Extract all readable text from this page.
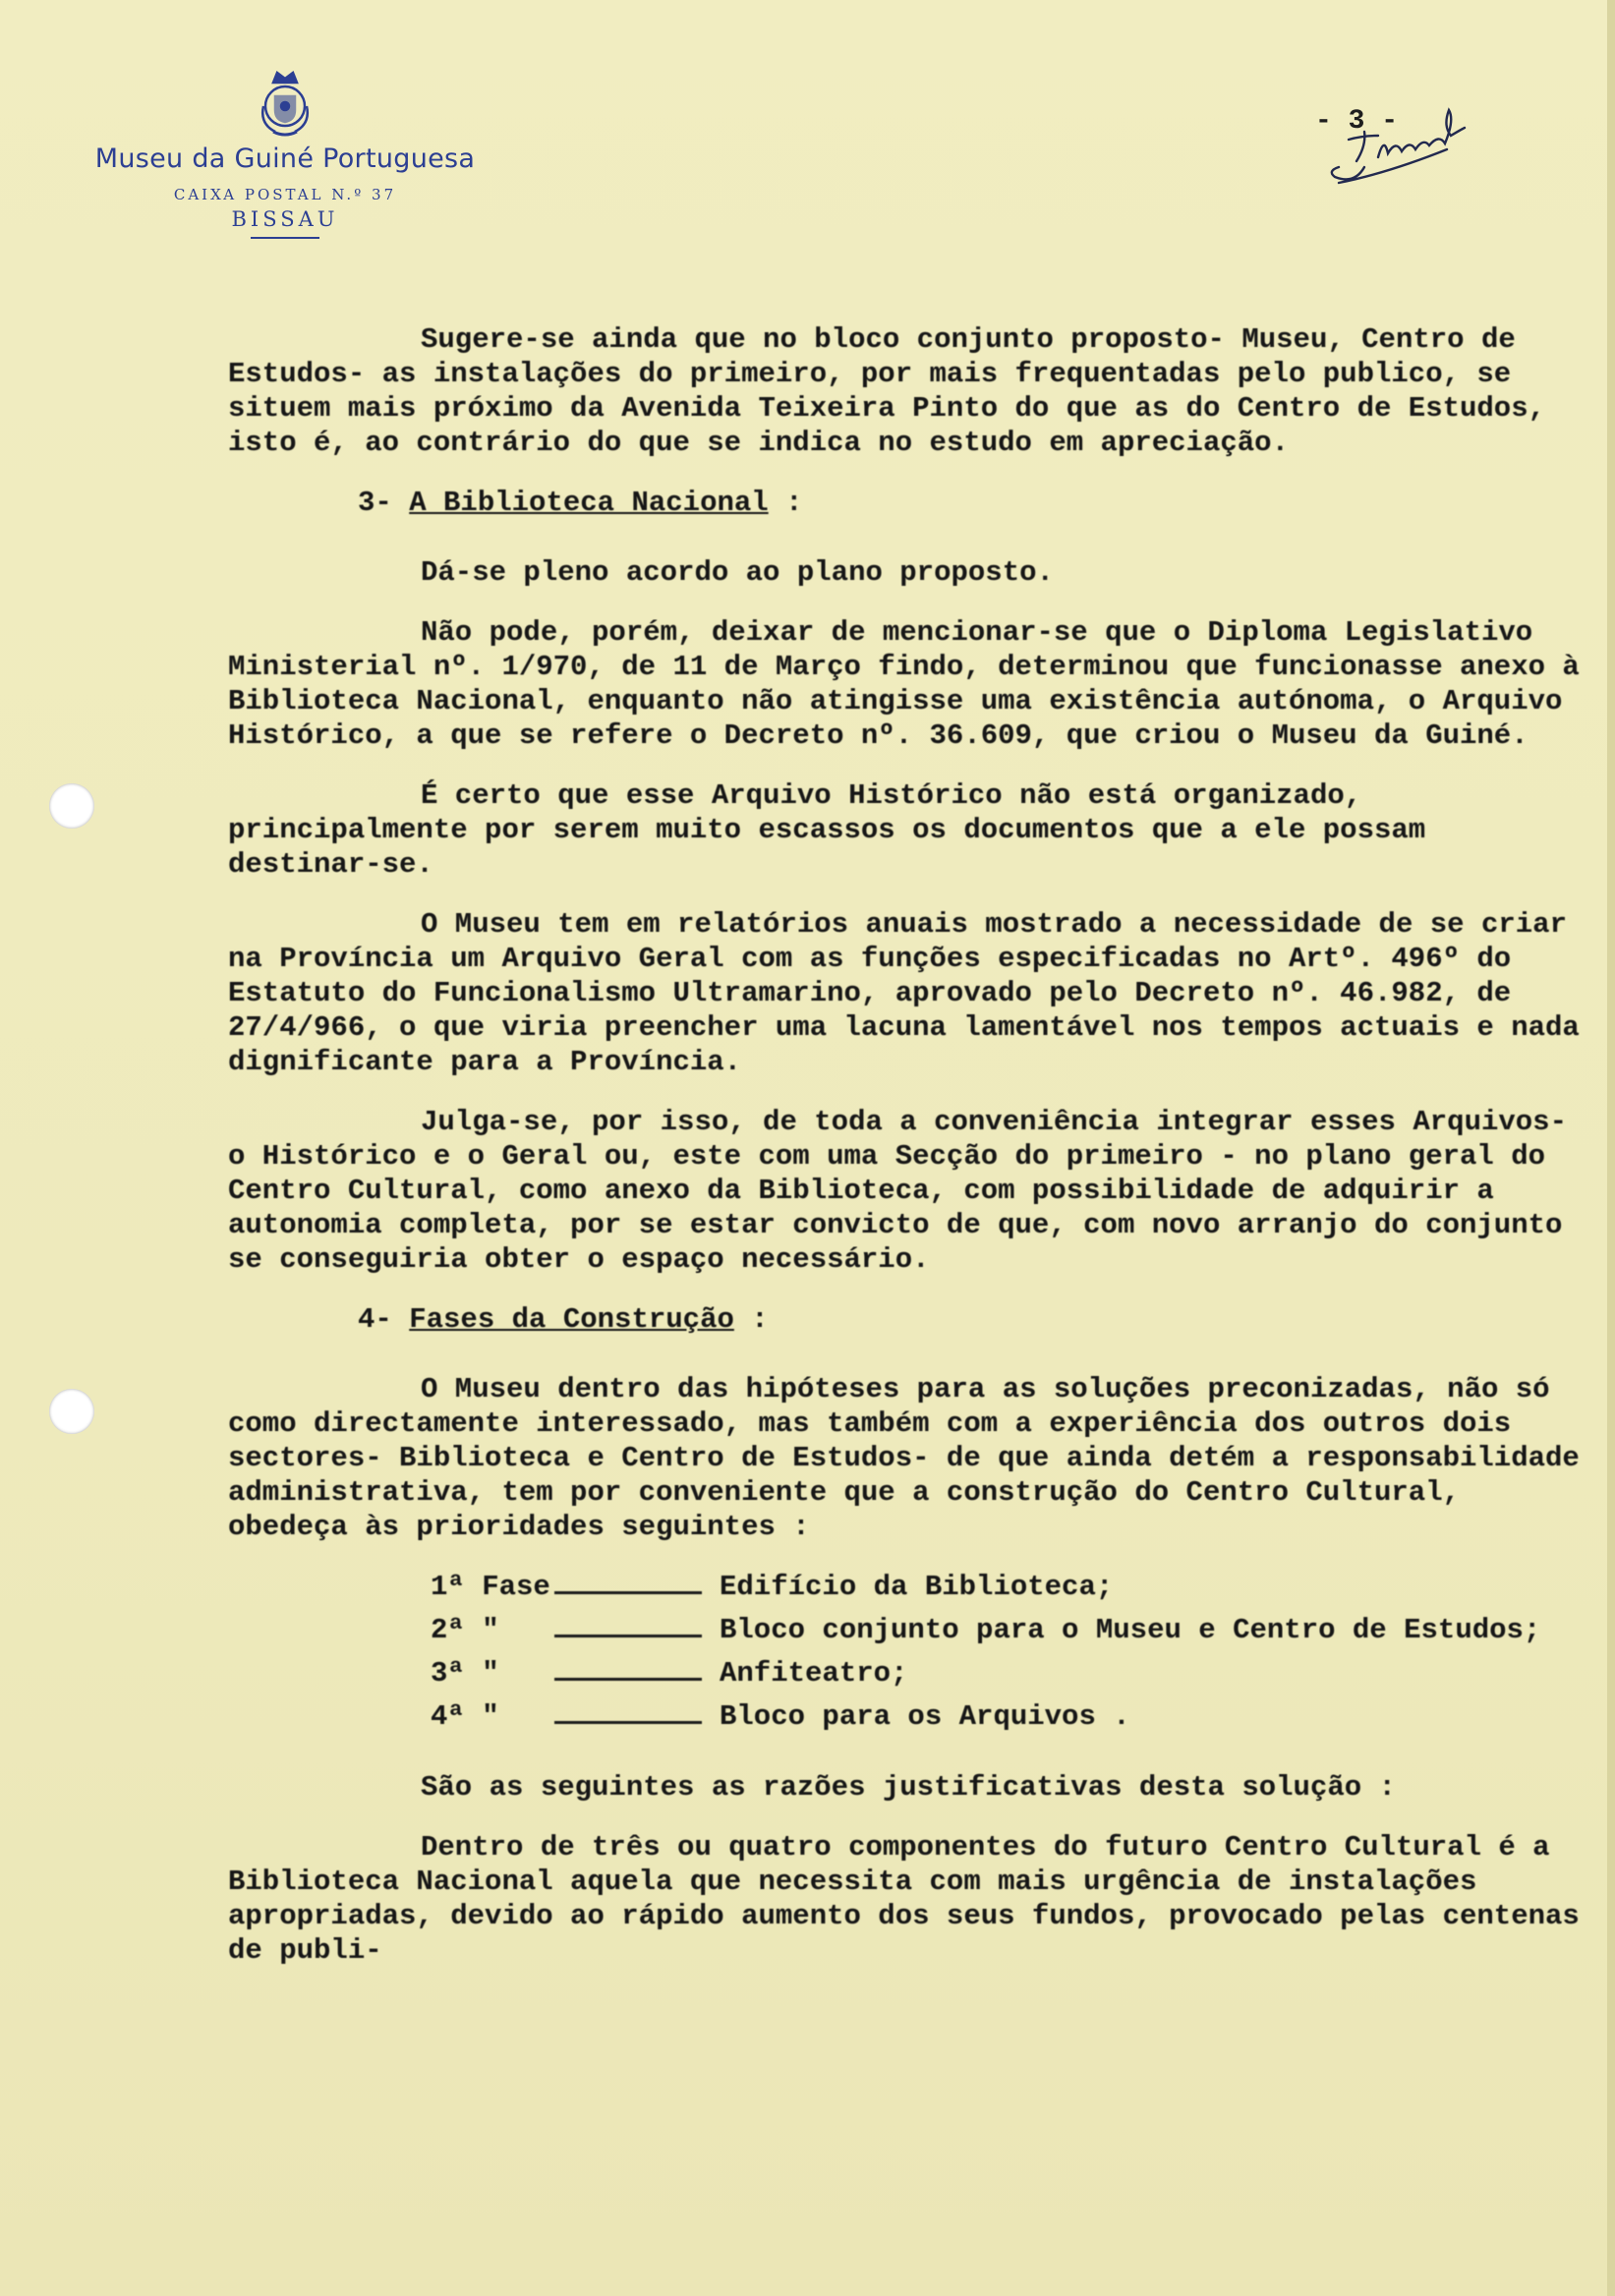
Museu da Guiné Portuguesa
CAIXA POSTAL N.º 37
BISSAU
- 3 -

Sugere-se ainda que no bloco conjunto proposto- Museu, Centro de Estudos- as instalações do primeiro, por mais frequentadas pelo publico, se situem mais próximo da Avenida Teixeira Pinto do que as do Centro de Estudos, isto é, ao contrário do que se indica no estudo em apreciação.

3- A Biblioteca Nacional :

Dá-se pleno acordo ao plano proposto.

Não pode, porém, deixar de mencionar-se que o Diploma Legislativo Ministerial nº. 1/970, de 11 de Março findo, determinou que funcionasse anexo à Biblioteca Nacional, enquanto não atingisse uma existência autónoma, o Arquivo Histórico, a que se refere o Decreto nº. 36.609, que criou o Museu da Guiné.

É certo que esse Arquivo Histórico não está organizado, principalmente por serem muito escassos os documentos que a ele possam destinar-se.

O Museu tem em relatórios anuais mostrado a necessidade de se criar na Província um Arquivo Geral com as funções especificadas no Artº. 496º do Estatuto do Funcionalismo Ultramarino, aprovado pelo Decreto nº. 46.982, de 27/4/966, o que viria preencher uma lacuna lamentável nos tempos actuais e nada dignificante para a Província.

Julga-se, por isso, de toda a conveniência integrar esses Arquivos- o Histórico e o Geral ou, este com uma Secção do primeiro - no plano geral do Centro Cultural, como anexo da Biblioteca, com possibilidade de adquirir a autonomia completa, por se estar convicto de que, com novo arranjo do conjunto se conseguiria obter o espaço necessário.

4- Fases da Construção :

O Museu dentro das hipóteses para as soluções preconizadas, não só como directamente interessado, mas também com a experiência dos outros dois sectores- Biblioteca e Centro de Estudos- de que ainda detém a responsabilidade administrativa, tem por conveniente que a construção do Centro Cultural, obedeça às prioridades seguintes :

1ª Fase	Edifício da Biblioteca;
2ª "	Bloco conjunto para o Museu e Centro de Estudos;
3ª "	Anfiteatro;
4ª "	Bloco para os Arquivos .

São as seguintes as razões justificativas desta solução :

Dentro de três ou quatro componentes do futuro Centro Cultural é a Biblioteca Nacional aquela que necessita com mais urgência de instalações apropriadas, devido ao rápido aumento dos seus fundos, provocado pelas centenas de publi-
